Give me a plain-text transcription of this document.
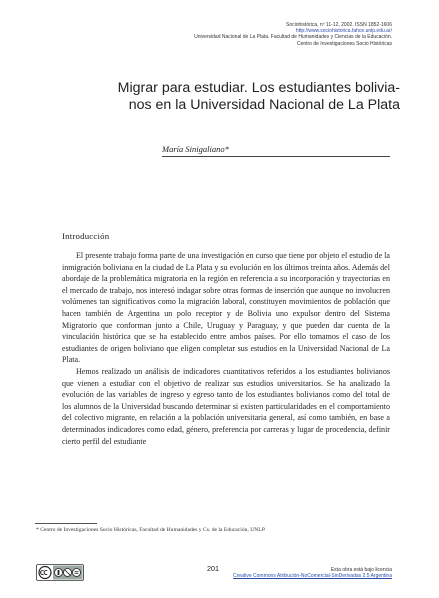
Sociohistórica, nº 11-12, 2002. ISSN 1852-1606
http://www.sociohistorica.fahce.unlp.edu.ar/
Universidad Nacional de La Plata. Facultad de Humanidades y Ciencias de la Educación.
Centro de Investigaciones Socio Históricas
Migrar para estudiar. Los estudiantes bolivia-
nos en la Universidad Nacional de La Plata
María Sinigaliano*
Introducción

El presente trabajo forma parte de una investigación en curso que tiene por objeto el estudio de la inmigración boliviana en la ciudad de La Plata y su evolución en los últimos treinta años. Además del abordaje de la problemática migratoria en la región en referencia a su incorporación y trayectorias en el mercado de trabajo, nos interesó indagar sobre otras formas de inserción que aunque no involucren volúmenes tan significativos como la migración laboral, constituyen movimientos de población que hacen también de Argentina un polo receptor y de Bolivia uno expulsor dentro del Sistema Migratorio que conforman junto a Chile, Uruguay y Paraguay, y que pueden dar cuenta de la vinculación histórica que se ha establecido entre ambos países. Por ello tomamos el caso de los estudiantes de origen boliviano que eligen completar sus estudios en la Universidad Nacional de La Plata.

Hemos realizado un análisis de indicadores cuantitativos referidos a los estudiantes bolivianos que vienen a estudiar con el objetivo de realizar sus estudios universitarios. Se ha analizado la evolución de las variables de ingreso y egreso tanto de los estudiantes bolivianos como del total de los alumnos de la Universidad buscando determinar si existen particularidades en el comportamiento del colectivo migrante, en relación a la población universitaria general, así como también, en base a determinados indicadores como edad, género, preferencia por carreras y lugar de procedencia, definir cierto perfil del estudiante

* Centro de Investigaciones Socio Históricas, Facultad de Humanidades y Cs. de la Educación, UNLP.
201	Esta obra está bajo licencia
Creative Commons Atribución-NoComercial-SinDerivadas 2.5 Argentina
